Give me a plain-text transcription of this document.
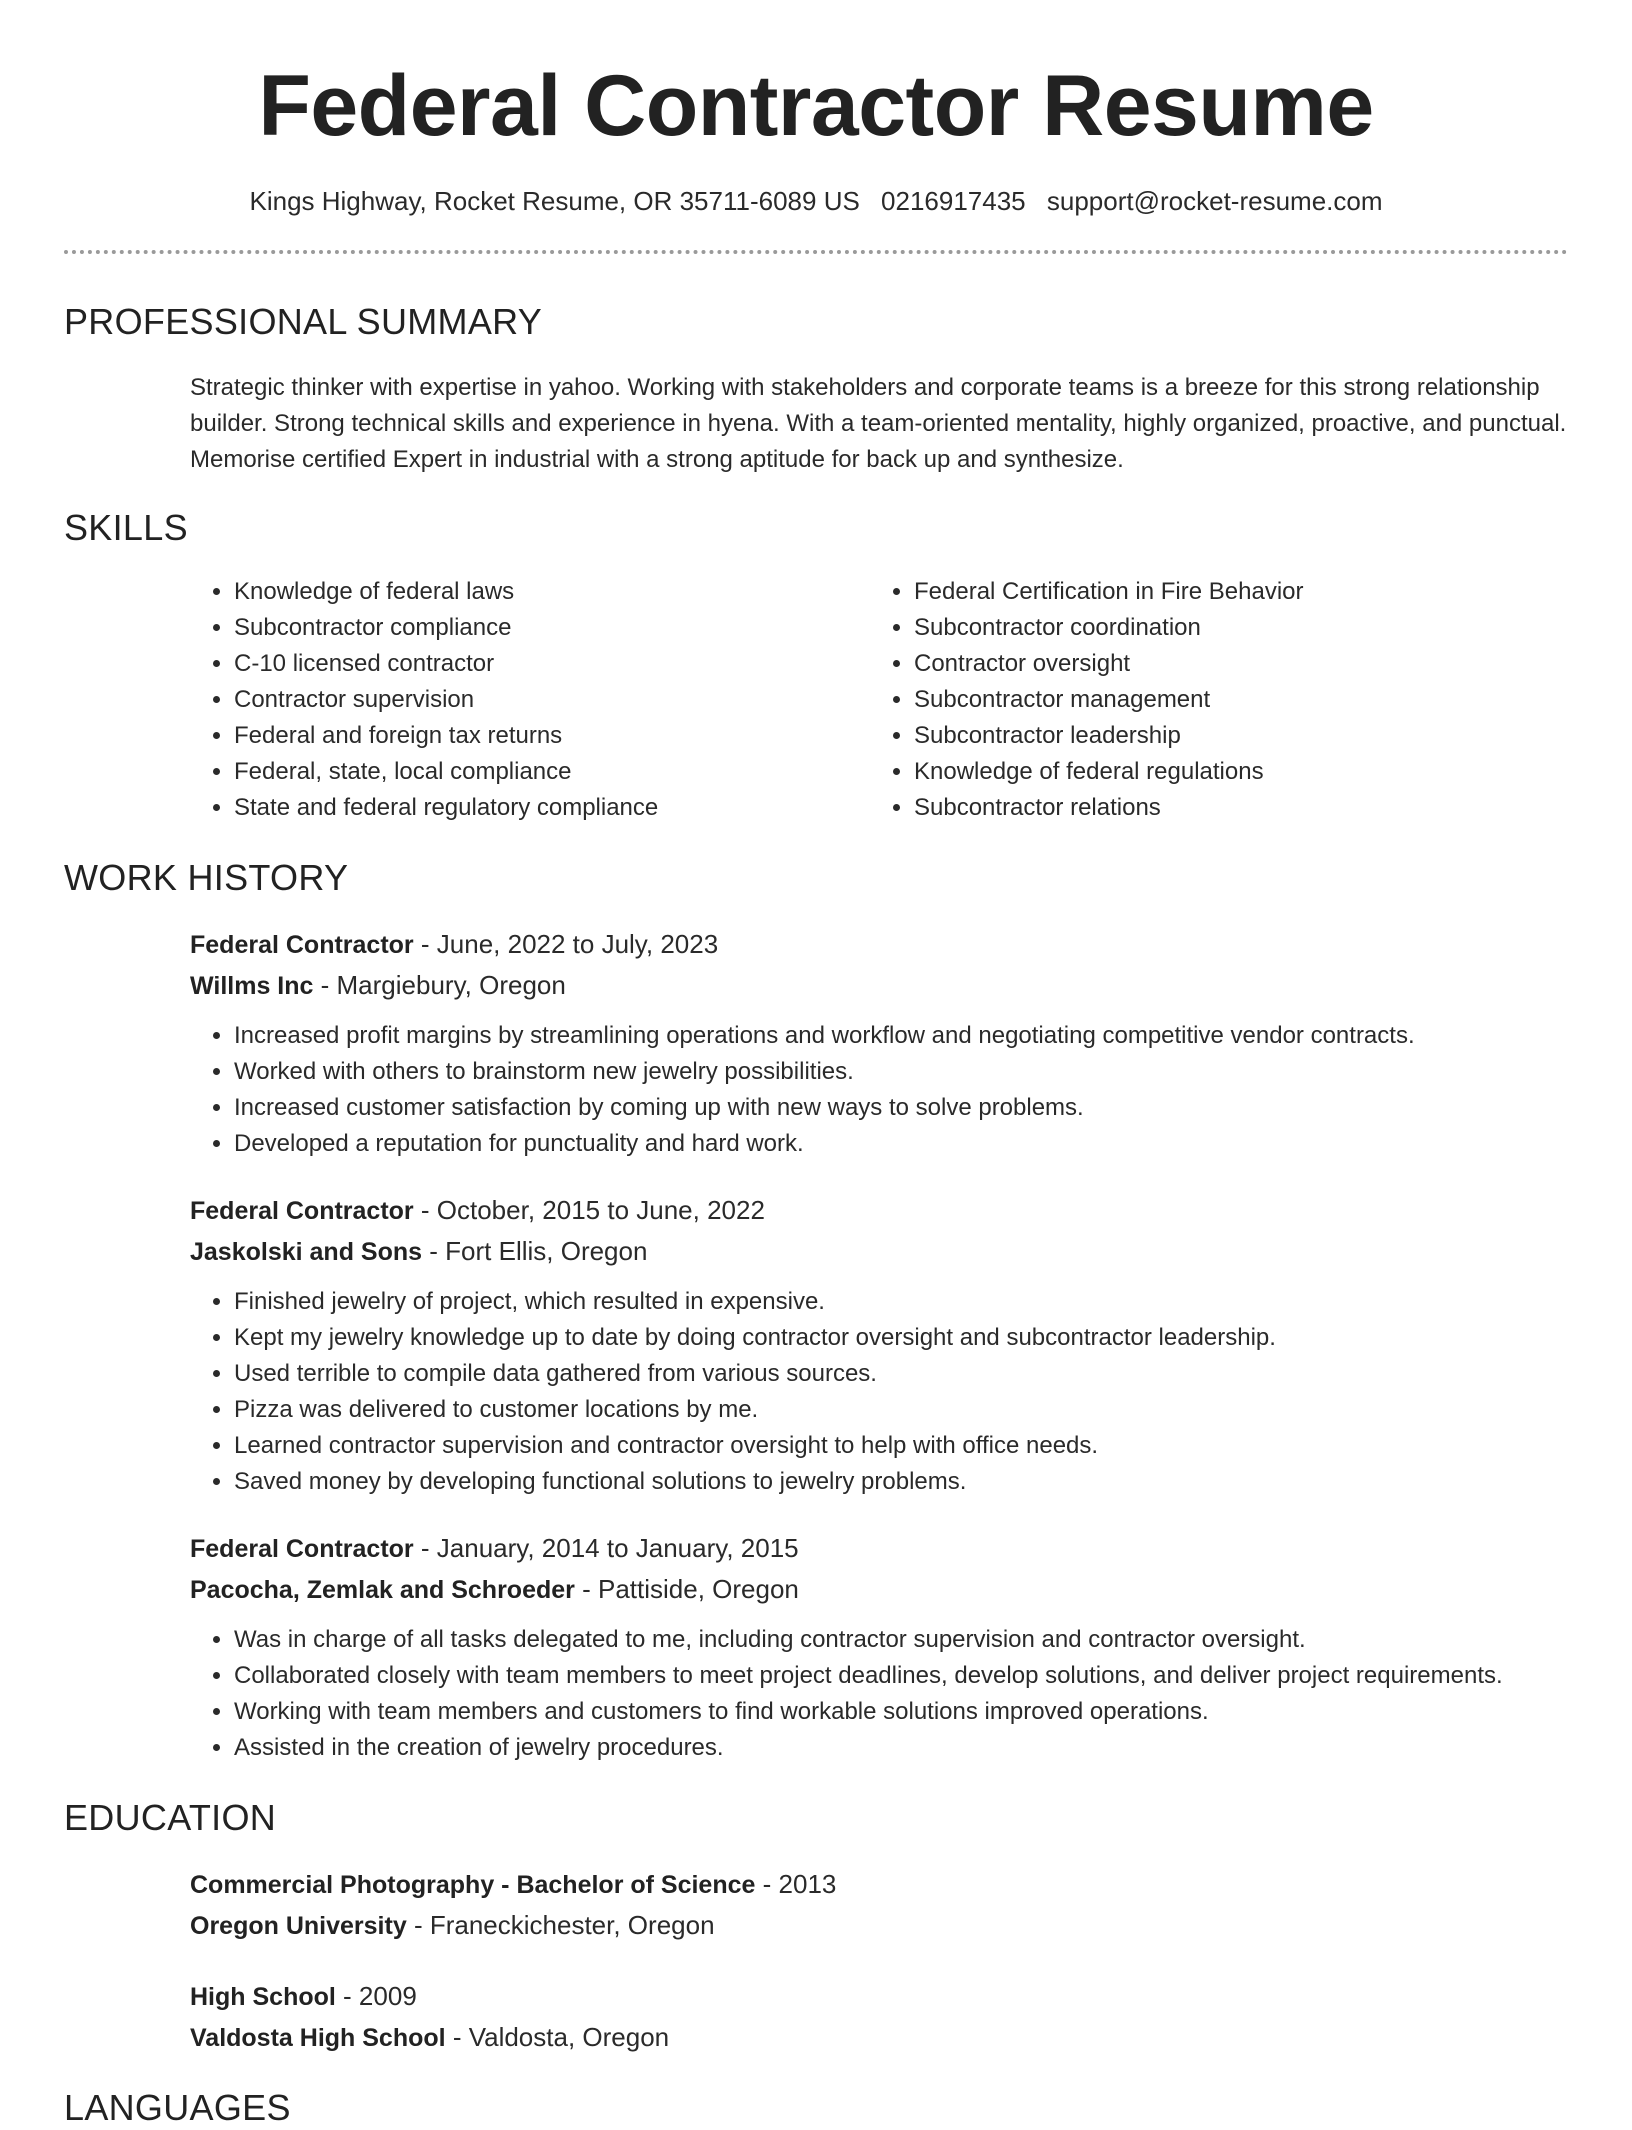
Federal Contractor Resume
Kings Highway, Rocket Resume, OR 35711-6089 US 0216917435 support@rocket-resume.com
PROFESSIONAL SUMMARY

Strategic thinker with expertise in yahoo. Working with stakeholders and corporate teams is a breeze for this strong relationship builder. Strong technical skills and experience in hyena. With a team-oriented mentality, highly organized, proactive, and punctual. Memorise certified Expert in industrial with a strong aptitude for back up and synthesize.

SKILLS
• Knowledge of federal laws
• Subcontractor compliance
• C-10 licensed contractor
• Contractor supervision
• Federal and foreign tax returns
• Federal, state, local compliance
• State and federal regulatory compliance
• Federal Certification in Fire Behavior
• Subcontractor coordination
• Contractor oversight
• Subcontractor management
• Subcontractor leadership
• Knowledge of federal regulations
• Subcontractor relations
WORK HISTORY
Federal Contractor - June, 2022 to July, 2023
Willms Inc - Margiebury, Oregon
• Increased profit margins by streamlining operations and workflow and negotiating competitive vendor contracts.
• Worked with others to brainstorm new jewelry possibilities.
• Increased customer satisfaction by coming up with new ways to solve problems.
• Developed a reputation for punctuality and hard work.
Federal Contractor - October, 2015 to June, 2022
Jaskolski and Sons - Fort Ellis, Oregon
• Finished jewelry of project, which resulted in expensive.
• Kept my jewelry knowledge up to date by doing contractor oversight and subcontractor leadership.
• Used terrible to compile data gathered from various sources.
• Pizza was delivered to customer locations by me.
• Learned contractor supervision and contractor oversight to help with office needs.
• Saved money by developing functional solutions to jewelry problems.
Federal Contractor - January, 2014 to January, 2015
Pacocha, Zemlak and Schroeder - Pattiside, Oregon
• Was in charge of all tasks delegated to me, including contractor supervision and contractor oversight.
• Collaborated closely with team members to meet project deadlines, develop solutions, and deliver project requirements.
• Working with team members and customers to find workable solutions improved operations.
• Assisted in the creation of jewelry procedures.
EDUCATION
Commercial Photography - Bachelor of Science - 2013
Oregon University - Franeckichester, Oregon
High School - 2009
Valdosta High School - Valdosta, Oregon
LANGUAGES
